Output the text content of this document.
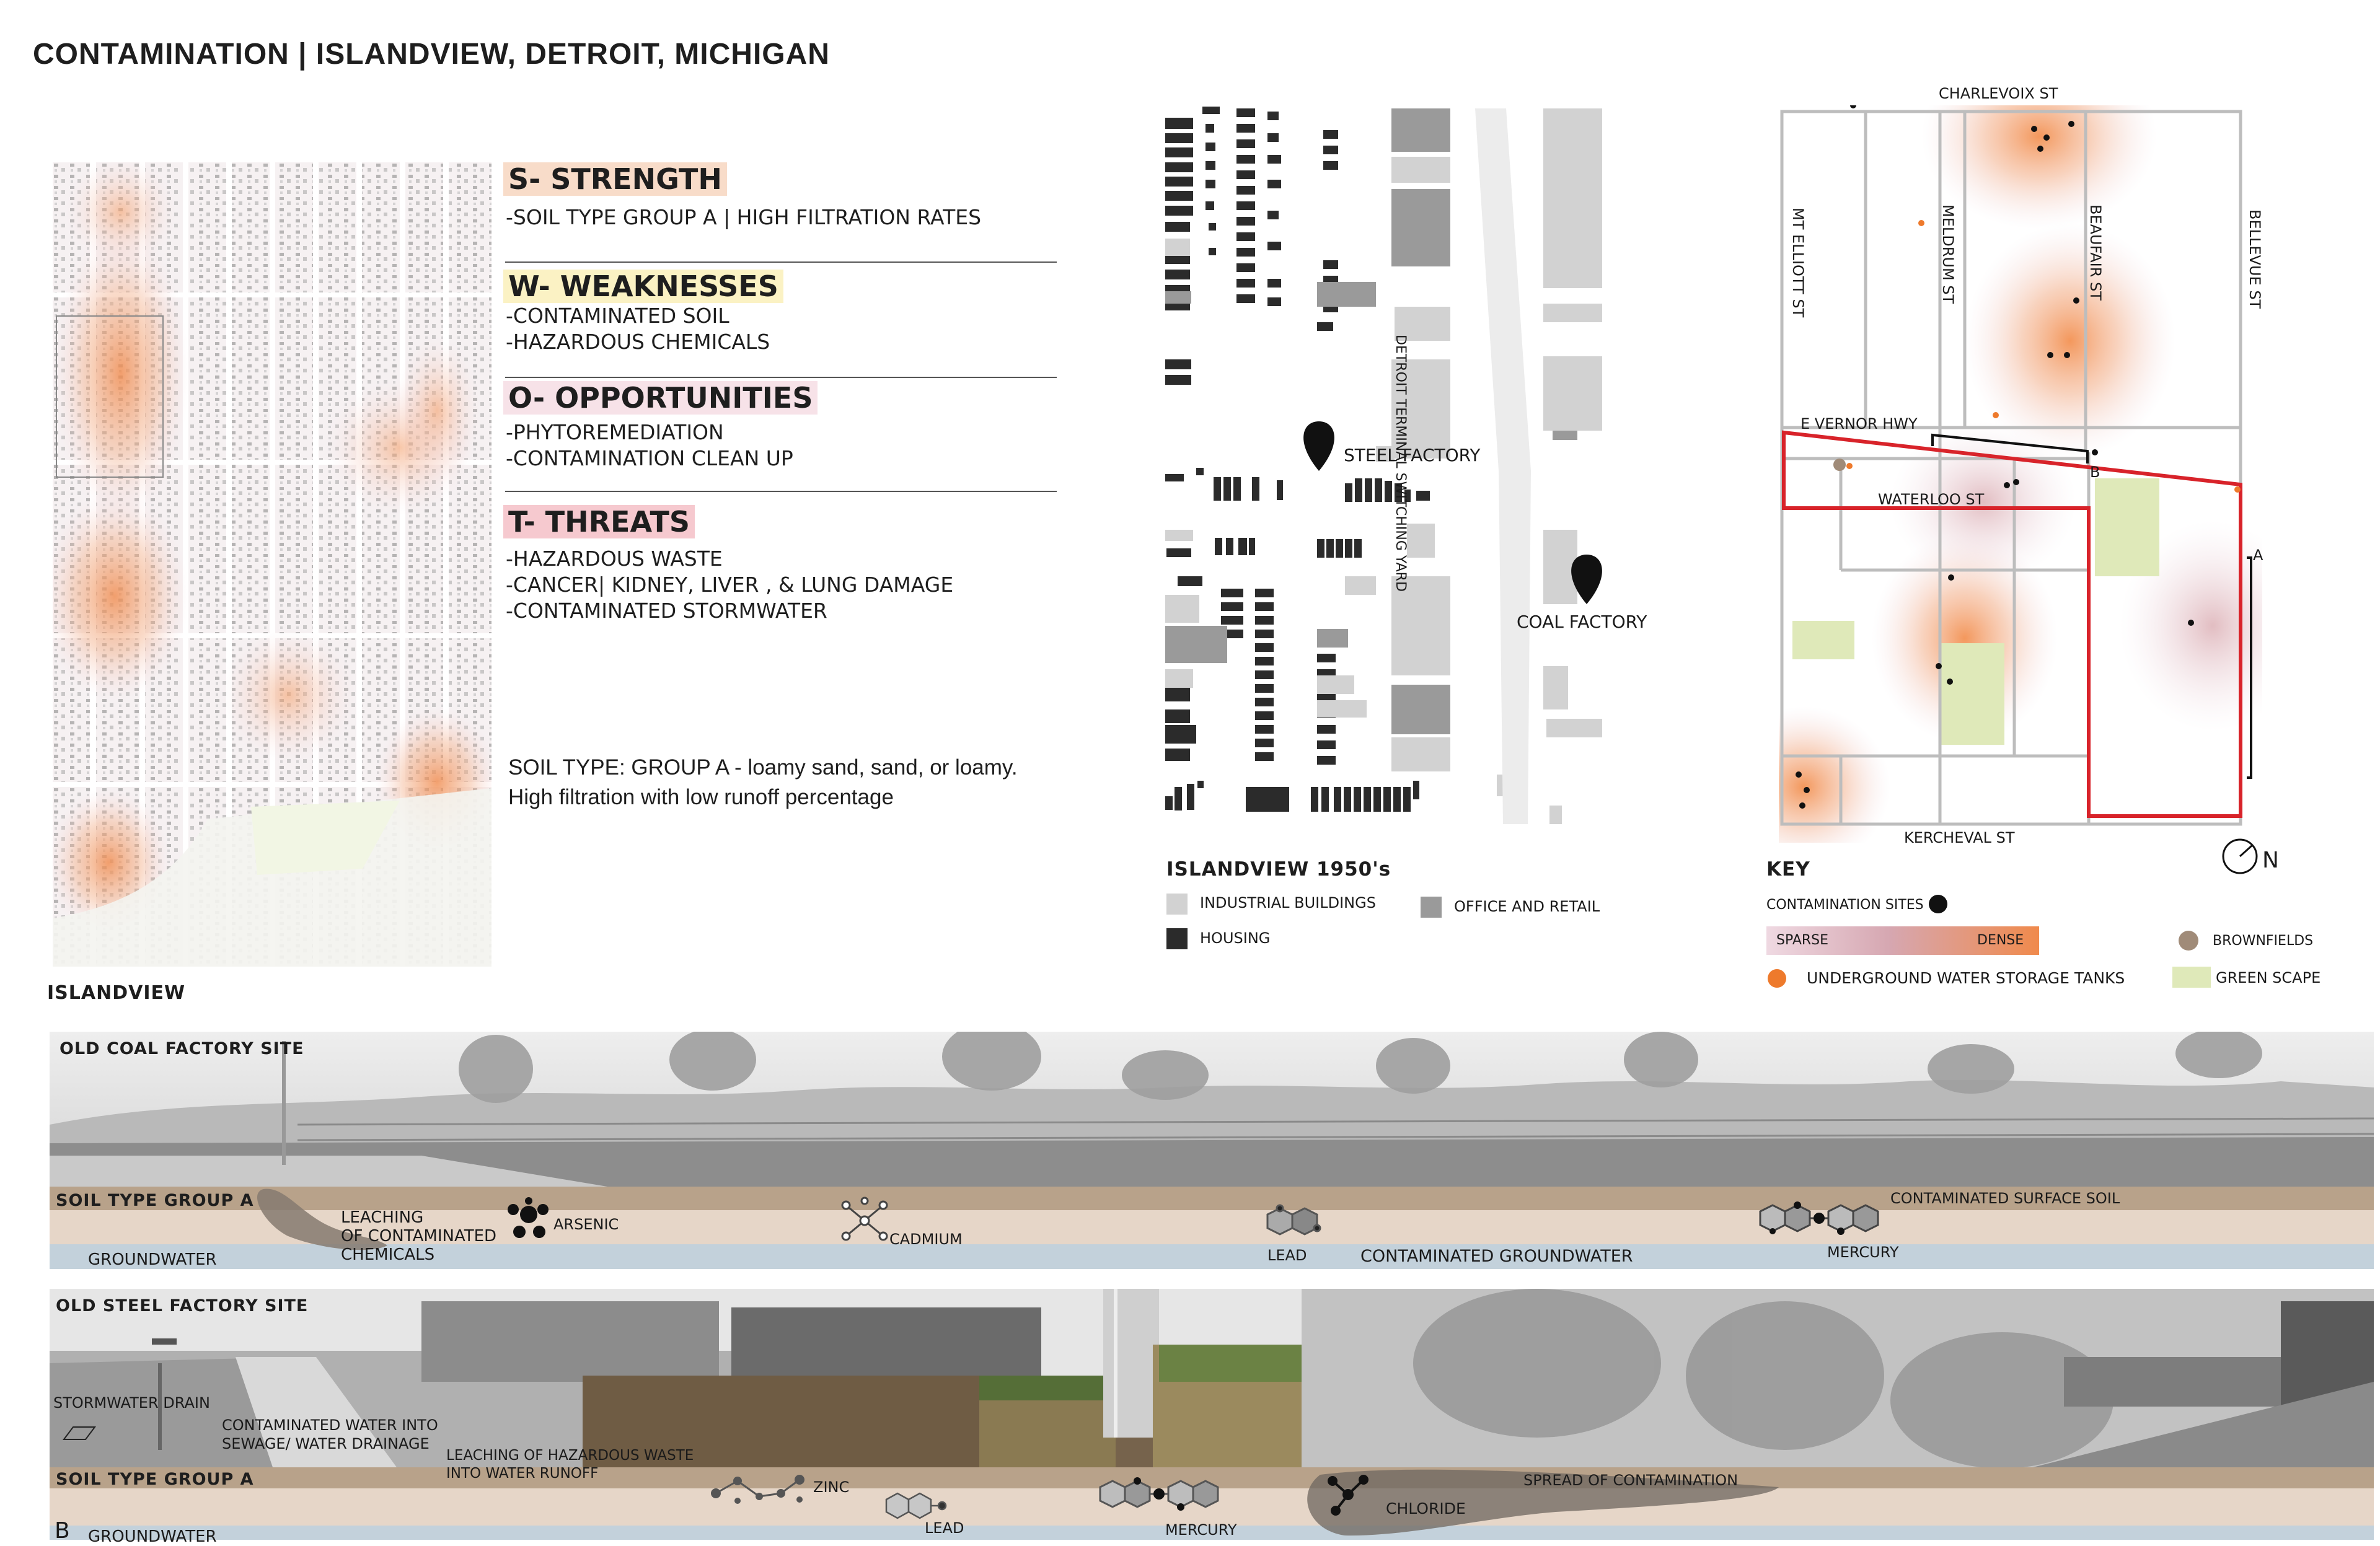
CONTAMINATION | ISLANDVIEW, DETROIT, MICHIGAN
ISLANDVIEW
S- STRENGTH
-SOIL TYPE GROUP A | HIGH FILTRATION RATES
W- WEAKNESSES
-CONTAMINATED SOIL
-HAZARDOUS CHEMICALS
O- OPPORTUNITIES
-PHYTOREMEDIATION
-CONTAMINATION CLEAN UP
T- THREATS
-HAZARDOUS WASTE
-CANCER| KIDNEY, LIVER , & LUNG DAMAGE
-CONTAMINATED STORMWATER
SOIL TYPE: GROUP A - loamy sand, sand, or loamy.
High filtration with low runoff percentage
DETROIT TERMINAL SWITCHING YARD
STEEL FACTORY
COAL FACTORY
ISLANDVIEW 1950's
INDUSTRIAL BUILDINGS
HOUSING
OFFICE AND RETAIL
CHARLEVOIX ST
KERCHEVAL ST
MT ELLIOTT ST	MELDRUM ST	BEAUFAIR ST	BELLEVUE ST
E VERNOR HWY
WATERLOO ST
B
A
N
KEY
CONTAMINATION SITES
SPARSE	DENSE	BROWNFIELDS
UNDERGROUND WATER STORAGE TANKS	GREEN SCAPE
OLD COAL FACTORY SITE
SOIL TYPE GROUP A
GROUNDWATER
LEACHING
OF CONTAMINATED
CHEMICALS
ARSENIC
CADMIUM
LEAD	CONTAMINATED GROUNDWATER	MERCURY
CONTAMINATED SURFACE SOIL
OLD STEEL FACTORY SITE
STORMWATER DRAIN
CONTAMINATED WATER INTO
SEWAGE/ WATER DRAINAGE
LEACHING OF HAZARDOUS WASTE
INTO WATER RUNOFF
SOIL TYPE GROUP A	ZINC
LEAD	MERCURY
CHLORIDE
SPREAD OF CONTAMINATION
B GROUNDWATER
